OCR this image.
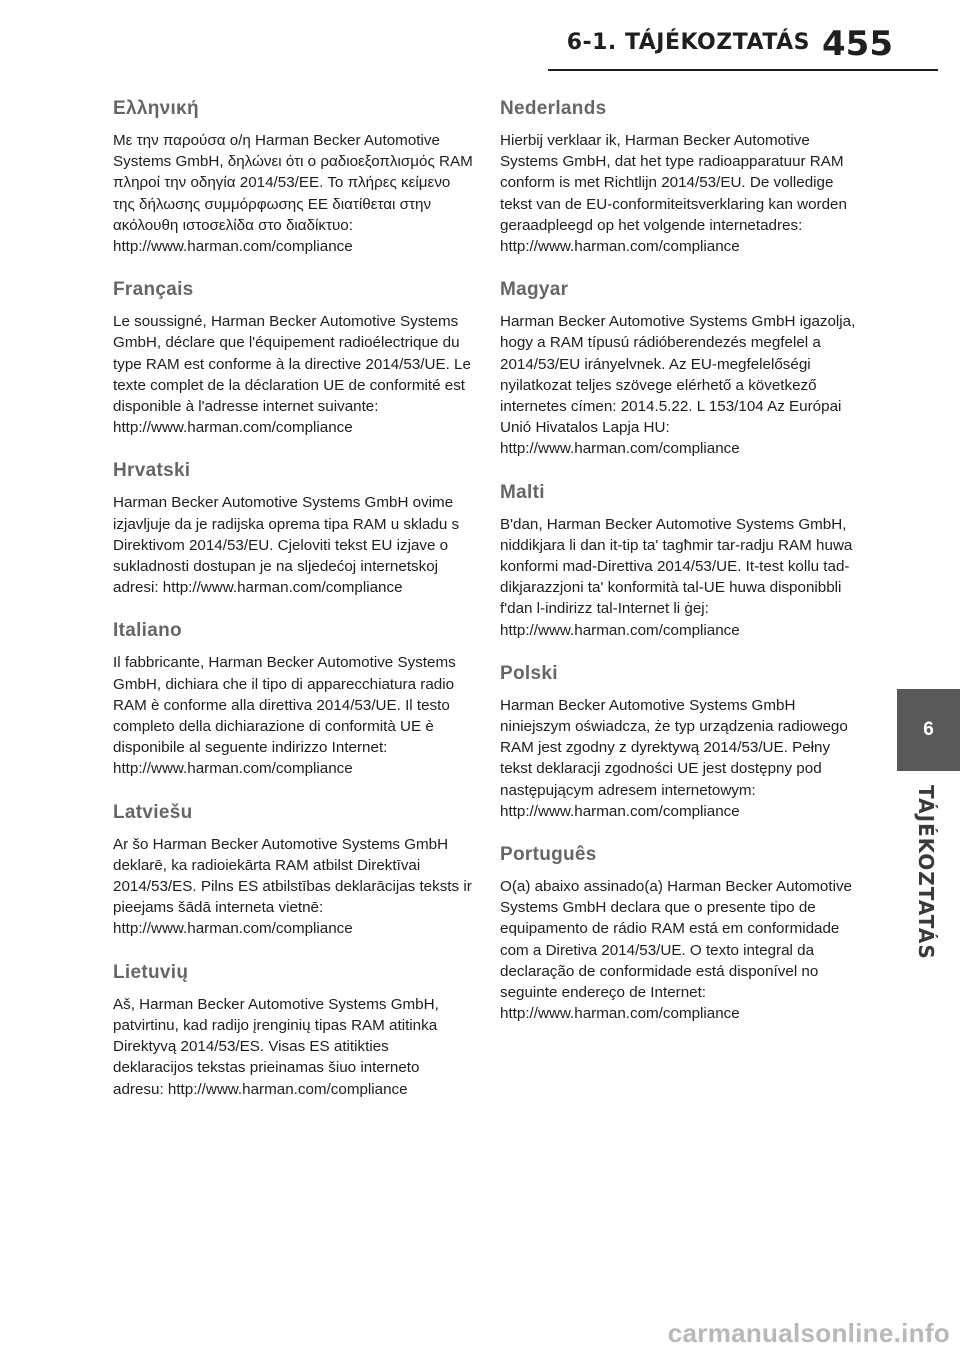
6-1. TÁJÉKOZTATÁS 455
Ελληνική

Με την παρούσα ο/η Harman Becker Automotive Systems GmbH, δηλώνει ότι ο ραδιοεξοπλισμός RAM πληροί την οδηγία 2014/53/ΕΕ. Το πλήρες κείμενο της δήλωσης συμμόρφωσης ΕΕ διατίθεται στην ακόλουθη ιστοσελίδα στο διαδίκτυο: http://www.harman.com/compliance

Français

Le soussigné, Harman Becker Automotive Systems GmbH, déclare que l'équipement radioélectrique du type RAM est conforme à la directive 2014/53/UE. Le texte complet de la déclaration UE de conformité est disponible à l'adresse internet suivante: http://www.harman.com/compliance

Hrvatski

Harman Becker Automotive Systems GmbH ovime izjavljuje da je radijska oprema tipa RAM u skladu s Direktivom 2014/53/EU. Cjeloviti tekst EU izjave o sukladnosti dostupan je na sljedećoj internetskoj adresi: http://www.harman.com/compliance

Italiano

Il fabbricante, Harman Becker Automotive Systems GmbH, dichiara che il tipo di apparecchiatura radio RAM è conforme alla direttiva 2014/53/UE. Il testo completo della dichiarazione di conformità UE è disponibile al seguente indirizzo Internet: http://www.harman.com/compliance

Latviešu

Ar šo Harman Becker Automotive Systems GmbH deklarē, ka radioiekārta RAM atbilst Direktīvai 2014/53/ES. Pilns ES atbilstības deklarācijas teksts ir pieejams šādā interneta vietnē: http://www.harman.com/compliance

Lietuvių

Aš, Harman Becker Automotive Systems GmbH, patvirtinu, kad radijo įrenginių tipas RAM atitinka Direktyvą 2014/53/ES. Visas ES atitikties deklaracijos tekstas prieinamas šiuo interneto adresu: http://www.harman.com/compliance

Nederlands

Hierbij verklaar ik, Harman Becker Automotive Systems GmbH, dat het type radioapparatuur RAM conform is met Richtlijn 2014/53/EU. De volledige tekst van de EU-conformiteitsverklaring kan worden geraadpleegd op het volgende internetadres: http://www.harman.com/compliance

Magyar

Harman Becker Automotive Systems GmbH igazolja, hogy a RAM típusú rádióberendezés megfelel a 2014/53/EU irányelvnek. Az EU-megfelelőségi nyilatkozat teljes szövege elérhető a következő internetes címen: 2014.5.22. L 153/104 Az Európai Unió Hivatalos Lapja HU: http://www.harman.com/compliance

Malti

B'dan, Harman Becker Automotive Systems GmbH, niddikjara li dan it-tip ta' tagħmir tar-radju RAM huwa konformi mad-Direttiva 2014/53/UE. It-test kollu tad-dikjarazzjoni ta' konformità tal-UE huwa disponibbli f'dan l-indirizz tal-Internet li ġej: http://www.harman.com/compliance

Polski

Harman Becker Automotive Systems GmbH niniejszym oświadcza, że typ urządzenia radiowego RAM jest zgodny z dyrektywą 2014/53/UE. Pełny tekst deklaracji zgodności UE jest dostępny pod następującym adresem internetowym: http://www.harman.com/compliance

Português

O(a) abaixo assinado(a) Harman Becker Automotive Systems GmbH declara que o presente tipo de equipamento de rádio RAM está em conformidade com a Diretiva 2014/53/UE. O texto integral da declaração de conformidade está disponível no seguinte endereço de Internet: http://www.harman.com/compliance

6
TÁJÉKOZTATÁS
carmanualsonline.info
